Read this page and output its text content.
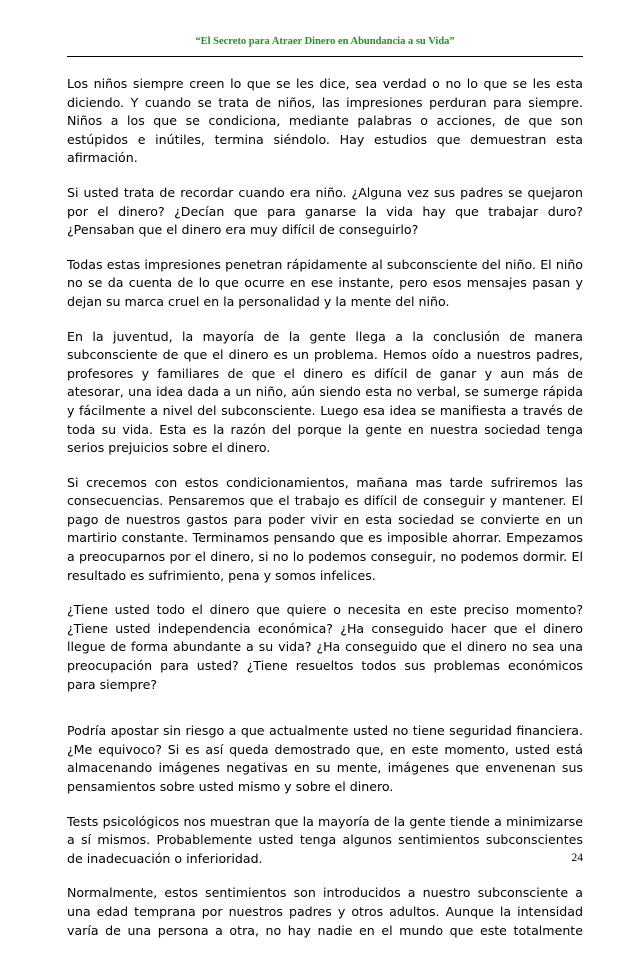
“El Secreto para Atraer Dinero en Abundancia a su Vida”

Los niños siempre creen lo que se les dice, sea verdad o no lo que se les esta diciendo. Y cuando se trata de niños, las impresiones perduran para siempre. Niños a los que se condiciona, mediante palabras o acciones, de que son estúpidos e inútiles, termina siéndolo. Hay estudios que demuestran esta afirmación.

Si usted trata de recordar cuando era niño. ¿Alguna vez sus padres se quejaron por el dinero? ¿Decían que para ganarse la vida hay que trabajar duro? ¿Pensaban que el dinero era muy difícil de conseguirlo?

Todas estas impresiones penetran rápidamente al subconsciente del niño. El niño no se da cuenta de lo que ocurre en ese instante, pero esos mensajes pasan y dejan su marca cruel en la personalidad y la mente del niño.

En la juventud, la mayoría de la gente llega a la conclusión de manera subconsciente de que el dinero es un problema. Hemos oído a nuestros padres, profesores y familiares de que el dinero es difícil de ganar y aun más de atesorar, una idea dada a un niño, aún siendo esta no verbal, se sumerge rápida y fácilmente a nivel del subconsciente. Luego esa idea se manifiesta a través de toda su vida. Esta es la razón del porque la gente en nuestra sociedad tenga serios prejuicios sobre el dinero.

Si crecemos con estos condicionamientos, mañana mas tarde sufriremos las consecuencias. Pensaremos que el trabajo es difícil de conseguir y mantener. El pago de nuestros gastos para poder vivir en esta sociedad se convierte en un martirio constante. Terminamos pensando que es imposible ahorrar. Empezamos a preocuparnos por el dinero, si no lo podemos conseguir, no podemos dormir. El resultado es sufrimiento, pena y somos infelices.

¿Tiene usted todo el dinero que quiere o necesita en este preciso momento? ¿Tiene usted independencia económica? ¿Ha conseguido hacer que el dinero llegue de forma abundante a su vida? ¿Ha conseguido que el dinero no sea una preocupación para usted? ¿Tiene resueltos todos sus problemas económicos para siempre?

Podría apostar sin riesgo a que actualmente usted no tiene seguridad financiera. ¿Me equivoco? Si es así queda demostrado que, en este momento, usted está almacenando imágenes negativas en su mente, imágenes que envenenan sus pensamientos sobre usted mismo y sobre el dinero.

Tests psicológicos nos muestran que la mayoría de la gente tiende a minimizarse a sí mismos. Probablemente usted tenga algunos sentimientos subconscientes de inadecuación o inferioridad.

Normalmente, estos sentimientos son introducidos a nuestro subconsciente a una edad temprana por nuestros padres y otros adultos. Aunque la intensidad varía de una persona a otra, no hay nadie en el mundo que este totalmente

24
